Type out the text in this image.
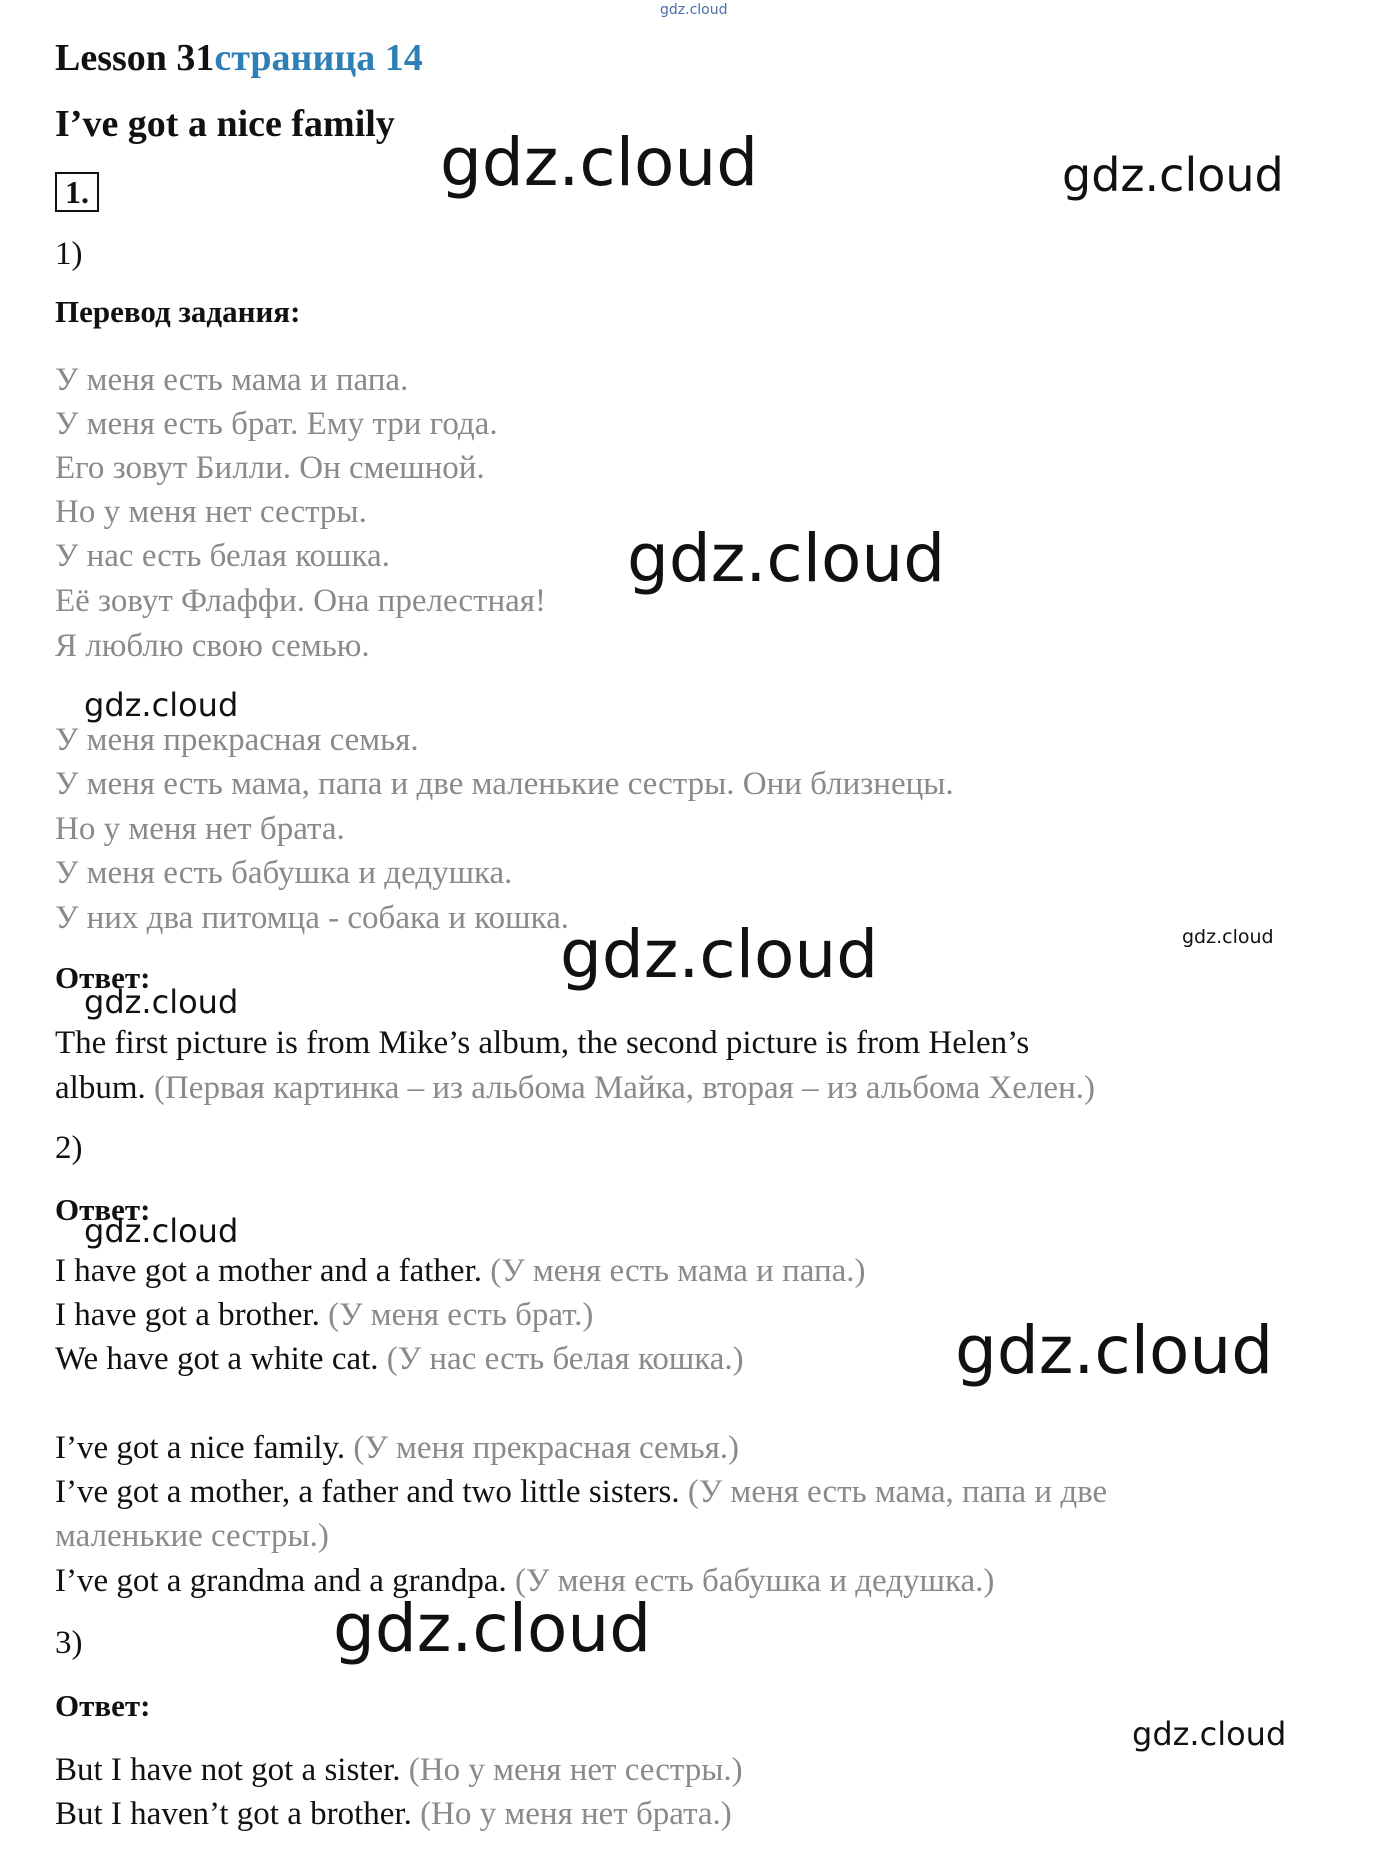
gdz.cloud
Lesson 31страница 14
I’ve got a nice family
1.
1)
Перевод задания:
У меня есть мама и папа.
У меня есть брат. Ему три года.
Его зовут Билли. Он смешной.
Но у меня нет сестры.
У нас есть белая кошка.
Её зовут Флаффи. Она прелестная!
Я люблю свою семью.
У меня прекрасная семья.
У меня есть мама, папа и две маленькие сестры. Они близнецы.
Но у меня нет брата.
У меня есть бабушка и дедушка.
У них два питомца - собака и кошка.
Ответ:
The first picture is from Mike’s album, the second picture is from Helen’s
album. (Первая картинка – из альбома Майка, вторая – из альбома Хелен.)
2)
Ответ:
I have got a mother and a father. (У меня есть мама и папа.)
I have got a brother. (У меня есть брат.)
We have got a white cat. (У нас есть белая кошка.)
I’ve got a nice family. (У меня прекрасная семья.)
I’ve got a mother, a father and two little sisters. (У меня есть мама, папа и две
маленькие сестры.)
I’ve got a grandma and a grandpa. (У меня есть бабушка и дедушка.)
3)
Ответ:
But I have not got a sister. (Но у меня нет сестры.)
But I haven’t got a brother. (Но у меня нет брата.)
gdz.cloud	gdz.cloud
gdz.cloud
gdz.cloud
gdz.cloud
gdz.cloud
gdz.cloud
gdz.cloud
gdz.cloud
gdz.cloud
gdz.cloud
